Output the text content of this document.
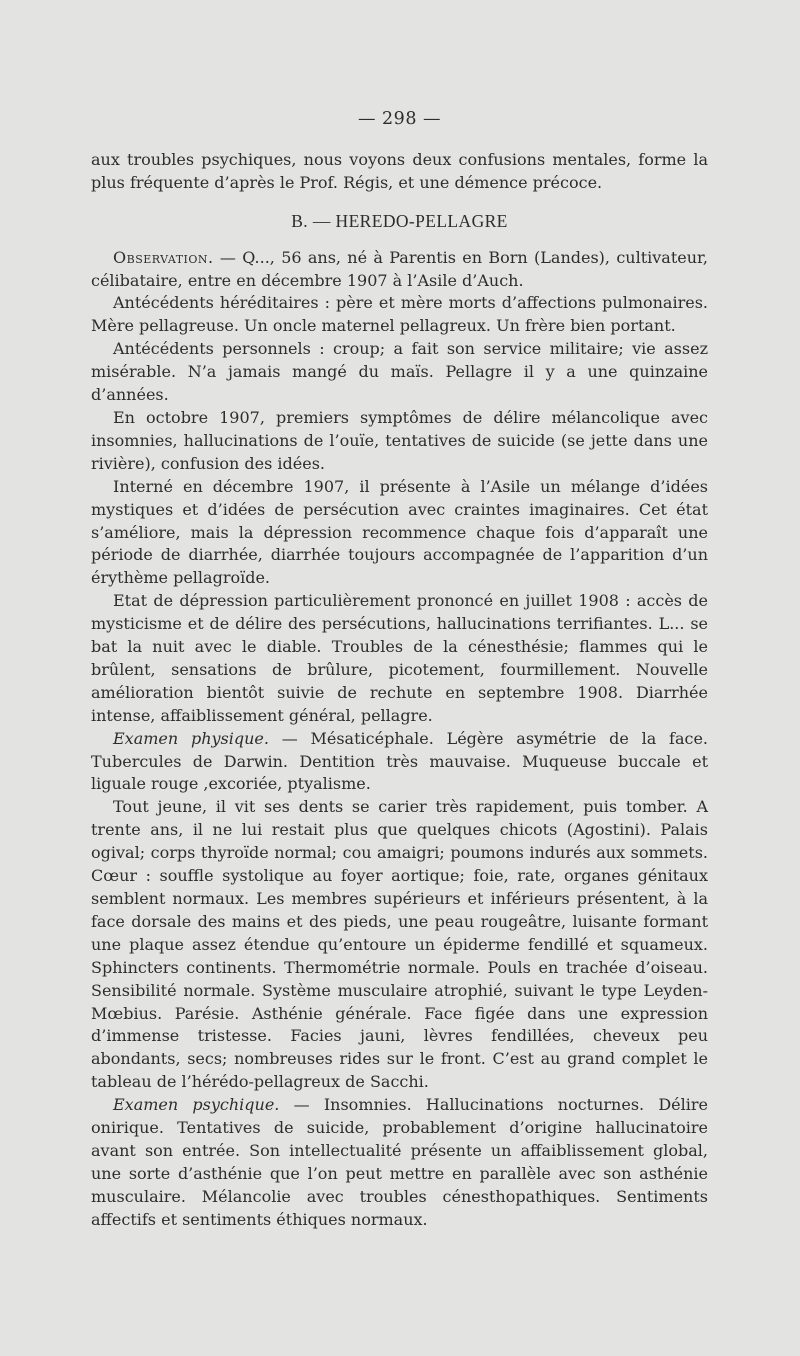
— 298 —

aux troubles psychiques, nous voyons deux confusions mentales, forme la plus fréquente d’après le Prof. Régis, et une démence précoce.

B. — HEREDO-PELLAGRE

Observation. — Q..., 56 ans, né à Parentis en Born (Landes), cultivateur, célibataire, entre en décembre 1907 à l’Asile d’Auch.

Antécédents héréditaires : père et mère morts d’affections pulmonaires. Mère pellagreuse. Un oncle maternel pellagreux. Un frère bien portant.

Antécédents personnels : croup; a fait son service militaire; vie assez misérable. N’a jamais mangé du maïs. Pellagre il y a une quinzaine d’années.

En octobre 1907, premiers symptômes de délire mélancolique avec insomnies, hallucinations de l’ouïe, tentatives de suicide (se jette dans une rivière), confusion des idées.

Interné en décembre 1907, il présente à l’Asile un mélange d’idées mystiques et d’idées de persécution avec craintes imaginaires. Cet état s’améliore, mais la dépression recommence chaque fois d’apparaît une période de diarrhée, diarrhée toujours accompagnée de l’apparition d’un érythème pellagroïde.

Etat de dépression particulièrement prononcé en juillet 1908 : accès de mysticisme et de délire des persécutions, hallucinations terrifiantes. L... se bat la nuit avec le diable. Troubles de la cénesthésie; flammes qui le brûlent, sensations de brûlure, picotement, fourmillement. Nouvelle amélioration bientôt suivie de rechute en septembre 1908. Diarrhée intense, affaiblissement général, pellagre.

Examen physique. — Mésaticéphale. Légère asymétrie de la face. Tubercules de Darwin. Dentition très mauvaise. Muqueuse buccale et liguale rouge ,excoriée, ptyalisme.

Tout jeune, il vit ses dents se carier très rapidement, puis tomber. A trente ans, il ne lui restait plus que quelques chicots (Agostini). Palais ogival; corps thyroïde normal; cou amaigri; poumons indurés aux sommets. Cœur : souffle systolique au foyer aortique; foie, rate, organes génitaux semblent normaux. Les membres supérieurs et inférieurs présentent, à la face dorsale des mains et des pieds, une peau rougeâtre, luisante formant une plaque assez étendue qu’entoure un épiderme fendillé et squameux. Sphincters continents. Thermométrie normale. Pouls en trachée d’oiseau. Sensibilité normale. Système musculaire atrophié, suivant le type Leyden-Mœbius. Parésie. Asthénie générale. Face figée dans une expression d’immense tristesse. Facies jauni, lèvres fendillées, cheveux peu abondants, secs; nombreuses rides sur le front. C’est au grand complet le tableau de l’hérédo-pellagreux de Sacchi.

Examen psychique. — Insomnies. Hallucinations nocturnes. Délire onirique. Tentatives de suicide, probablement d’origine hallucinatoire avant son entrée. Son intellectualité présente un affaiblissement global, une sorte d’asthénie que l’on peut mettre en parallèle avec son asthénie musculaire. Mélancolie avec troubles cénesthopathiques. Sentiments affectifs et sentiments éthiques normaux.
